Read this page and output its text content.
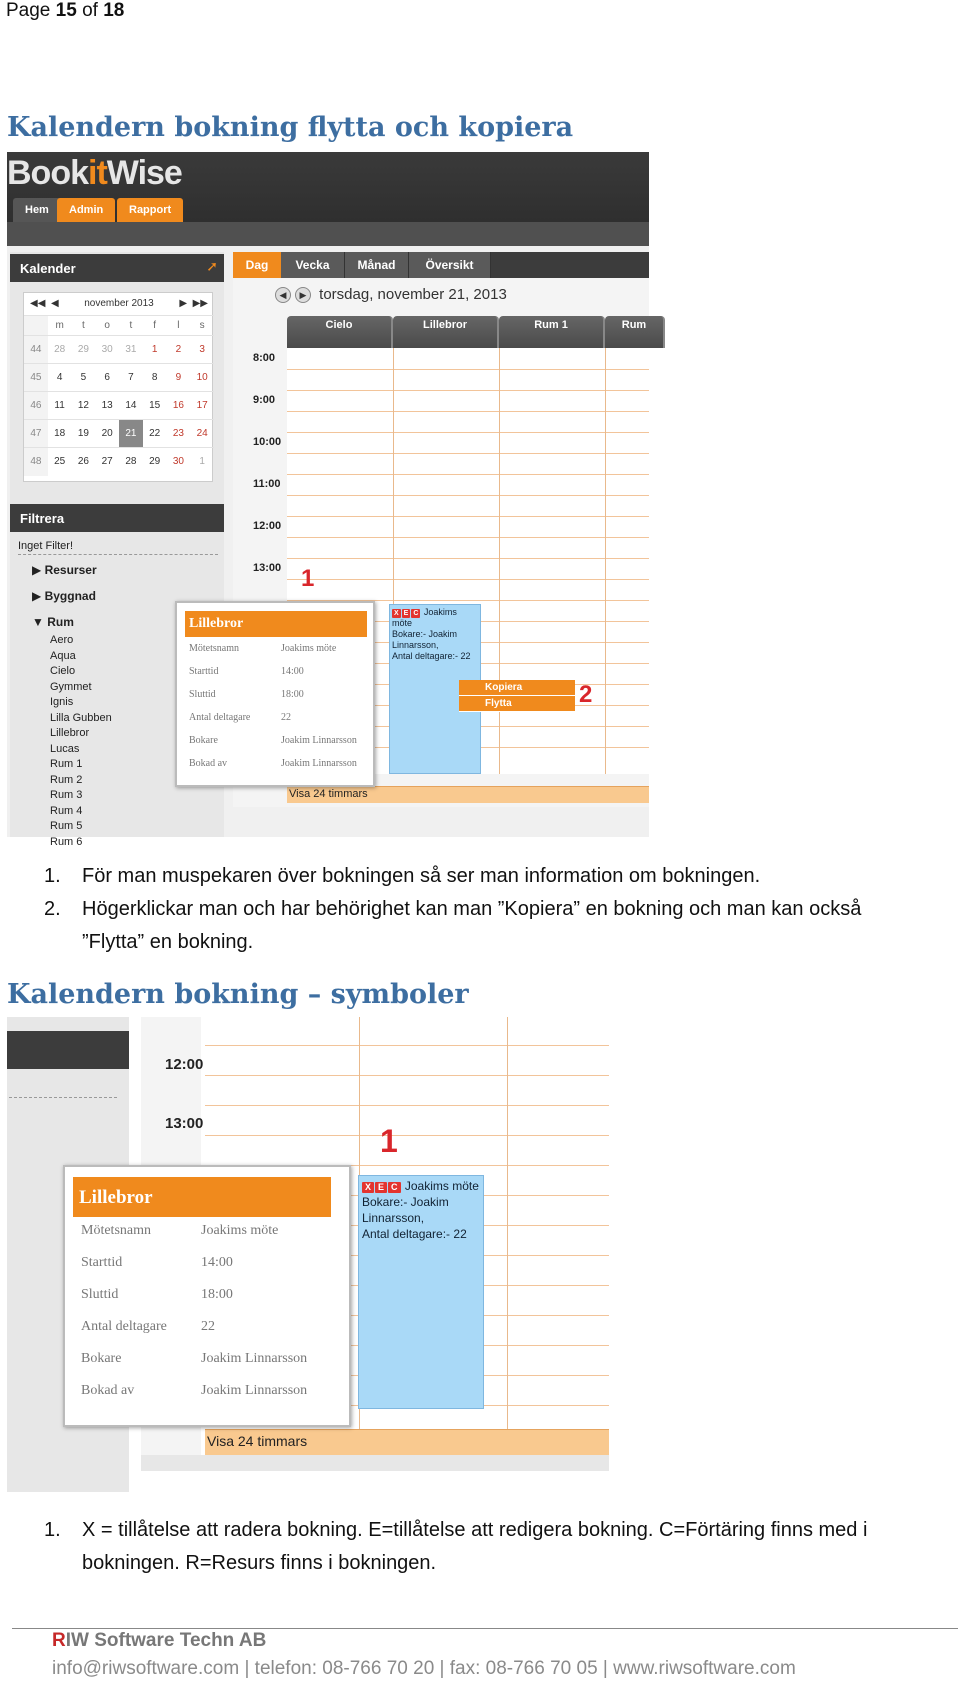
Page 15 of 18
Kalendern bokning flytta och kopiera
BookitWise
Hem	Admin	Rapport
Kalender	➚
◀◀ ◀	november 2013	▶ ▶▶
	m	t	o	t	f	l	s
44	28	29	30	31	1	2	3
45	4	5	6	7	8	9	10
46	11	12	13	14	15	16	17
47	18	19	20	21	22	23	24
48	25	26	27	28	29	30	1
Filtrera
Inget Filter!
▶ Resurser
▶ Byggnad
▼ Rum
Aero
Aqua
Cielo
Gymmet
Ignis
Lilla Gubben
Lillebror
Lucas
Rum 1
Rum 2
Rum 3
Rum 4
Rum 5
Rum 6
Dag	Vecka	Månad	Översikt
◀ ▶ torsdag, november 21, 2013
Cielo	Lillebror	Rum 1	Rum
8:00
9:00
10:00
11:00
12:00
13:00
Visa 24 timmars
X E C Joakims möte
Bokare:- Joakim
Linnarsson,
Antal deltagare:- 22
Kopiera
Flytta
Lillebror
Mötetsnamn	Joakims möte
Starttid	14:00
Sluttid	18:00
Antal deltagare	22
Bokare	Joakim Linnarsson
Bokad av	Joakim Linnarsson
1
2
1. För man muspekaren över bokningen så ser man information om bokningen.
2. Högerklickar man och har behörighet kan man ”Kopiera” en bokning och man kan också ”Flytta” en bokning.
Kalendern bokning – symboler
12:00
13:00
Visa 24 timmars
X E C Joakims möte
Bokare:- Joakim
Linnarsson,
Antal deltagare:- 22
Lillebror
Mötetsnamn	Joakims möte
Starttid	14:00
Sluttid	18:00
Antal deltagare 22
Bokare	Joakim Linnarsson
Bokad av	Joakim Linnarsson
1
1. X = tillåtelse att radera bokning. E=tillåtelse att redigera bokning. C=Förtäring finns med i bokningen. R=Resurs finns i bokningen.
RIW Software Techn AB
info@riwsoftware.com | telefon: 08-766 70 20 | fax: 08-766 70 05 | www.riwsoftware.com
